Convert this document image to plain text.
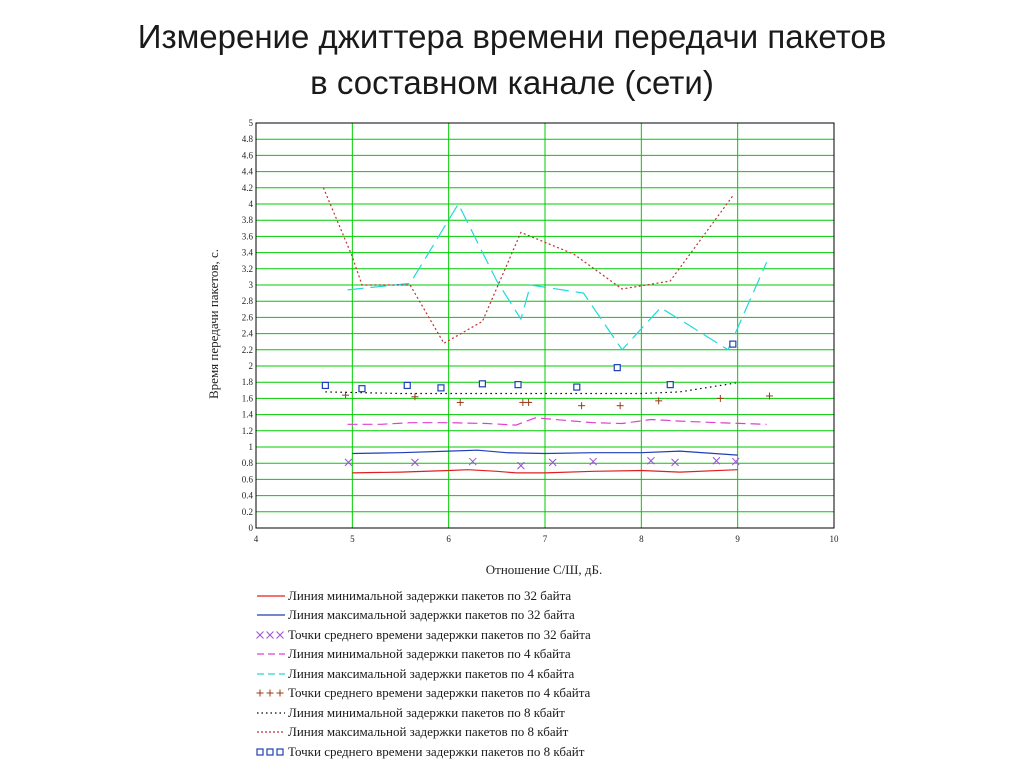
Измерение джиттера времени передачи пакетов
в составном канале (сети)
0
0.2
0.4
0.6
0.8
1
1.2
1.4
1.6
1.8
2
2.2
2.4
2.6
2.8
3
3.2
3.4
3.6
3.8
4
4.2
4.4
4.6
4.8
5
4	5	6	7	8	9	10
Отношение С/Ш, дБ.
Время передачи пакетов, с.
Линия минимальной задержки пакетов по 32 байта
Линия максимальной задержки пакетов по 32 байта
Точки среднего времени задержки пакетов по 32 байта
Линия минимальной задержки пакетов по 4 кбайта
Линия максимальной задержки пакетов по 4 кбайта
Точки среднего времени задержки пакетов по 4 кбайта
Линия минимальной задержки пакетов по 8 кбайт
Линия максимальной задержки пакетов по 8 кбайт
Точки среднего времени задержки пакетов по 8 кбайт
